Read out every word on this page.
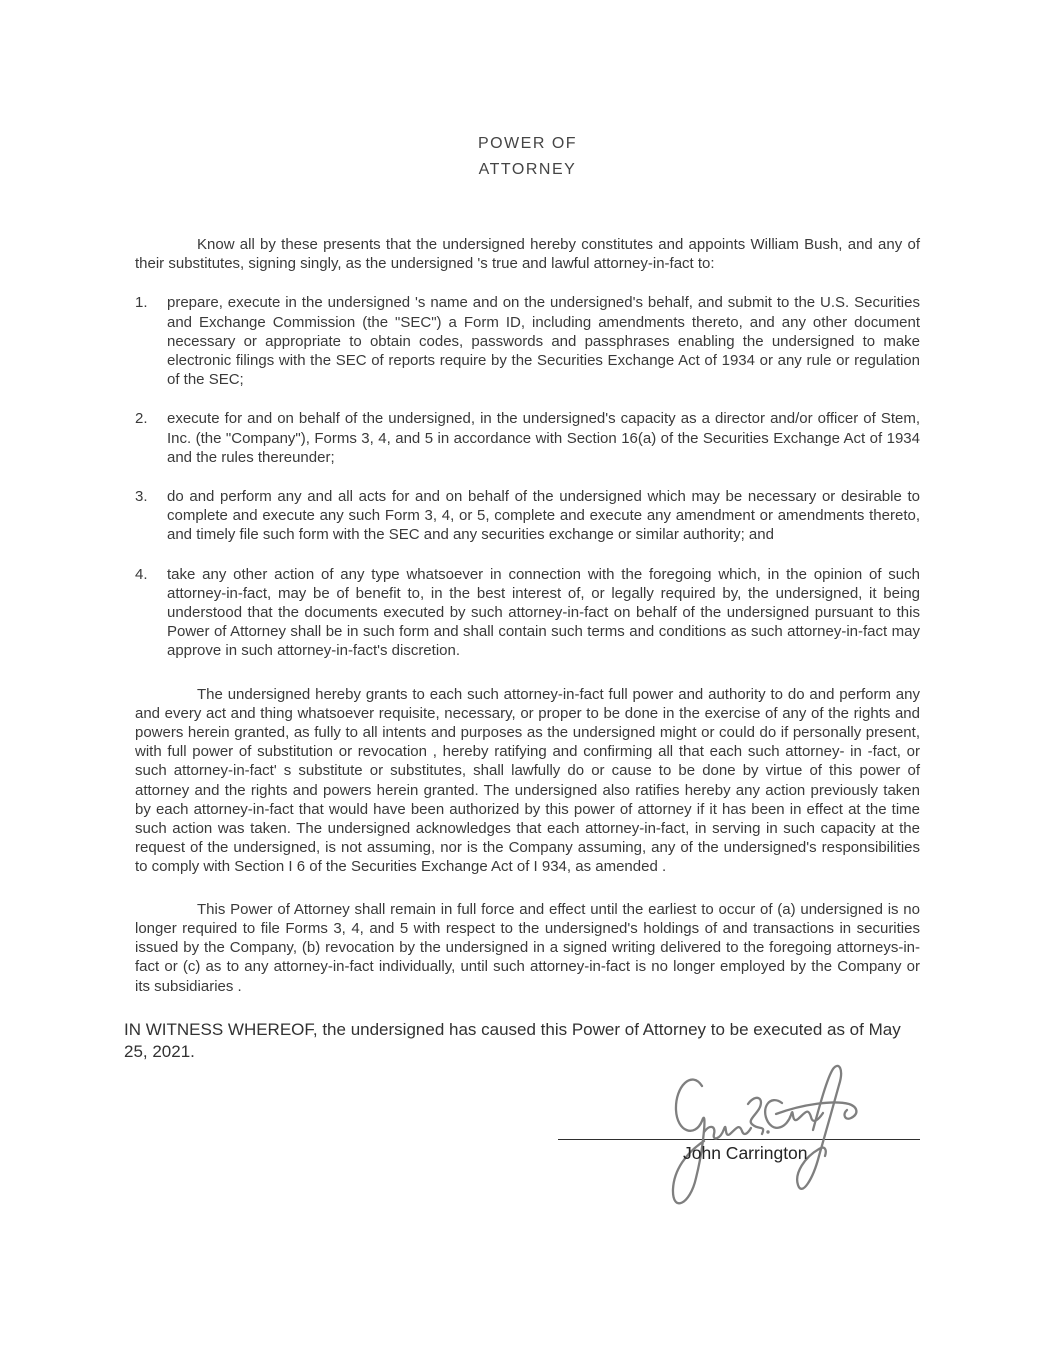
POWER OF
ATTORNEY

Know all by these presents that the undersigned hereby constitutes and appoints William Bush, and any of their substitutes, signing singly, as the undersigned 's true and lawful attorney-in-fact to:

1.	prepare, execute in the undersigned 's name and on the undersigned's behalf, and submit to the U.S. Securities and Exchange Commission (the "SEC") a Form ID, including amendments thereto, and any other document necessary or appropriate to obtain codes, passwords and passphrases enabling the undersigned to make electronic filings with the SEC of reports require by the Securities Exchange Act of 1934 or any rule or regulation of the SEC;
2.	execute for and on behalf of the undersigned, in the undersigned's capacity as a director and/or officer of Stem, Inc. (the "Company"), Forms 3, 4, and 5 in accordance with Section 16(a) of the Securities Exchange Act of 1934 and the rules thereunder;
3.	do and perform any and all acts for and on behalf of the undersigned which may be necessary or desirable to complete and execute any such Form 3, 4, or 5, complete and execute any amendment or amendments thereto, and timely file such form with the SEC and any securities exchange or similar authority; and
4.	take any other action of any type whatsoever in connection with the foregoing which, in the opinion of such attorney-in-fact, may be of benefit to, in the best interest of, or legally required by, the undersigned, it being understood that the documents executed by such attorney-in-fact on behalf of the undersigned pursuant to this Power of Attorney shall be in such form and shall contain such terms and conditions as such attorney-in-fact may approve in such attorney-in-fact's discretion.

The undersigned hereby grants to each such attorney-in-fact full power and authority to do and perform any and every act and thing whatsoever requisite, necessary, or proper to be done in the exercise of any of the rights and powers herein granted, as fully to all intents and purposes as the undersigned might or could do if personally present, with full power of substitution or revocation , hereby ratifying and confirming all that each such attorney- in -fact, or such attorney-in-fact' s substitute or substitutes, shall lawfully do or cause to be done by virtue of this power of attorney and the rights and powers herein granted. The undersigned also ratifies hereby any action previously taken by each attorney-in-fact that would have been authorized by this power of attorney if it has been in effect at the time such action was taken. The undersigned acknowledges that each attorney-in-fact, in serving in such capacity at the request of the undersigned, is not assuming, nor is the Company assuming, any of the undersigned's responsibilities to comply with Section I 6 of the Securities Exchange Act of I 934, as amended .

This Power of Attorney shall remain in full force and effect until the earliest to occur of (a) undersigned is no longer required to file Forms 3, 4, and 5 with respect to the undersigned's holdings of and transactions in securities issued by the Company, (b) revocation by the undersigned in a signed writing delivered to the foregoing attorneys-in- fact or (c) as to any attorney-in-fact individually, until such attorney-in-fact is no longer employed by the Company or its subsidiaries .

IN WITNESS WHEREOF, the undersigned has caused this Power of Attorney to be executed as of May 25, 2021.

John Carrington
